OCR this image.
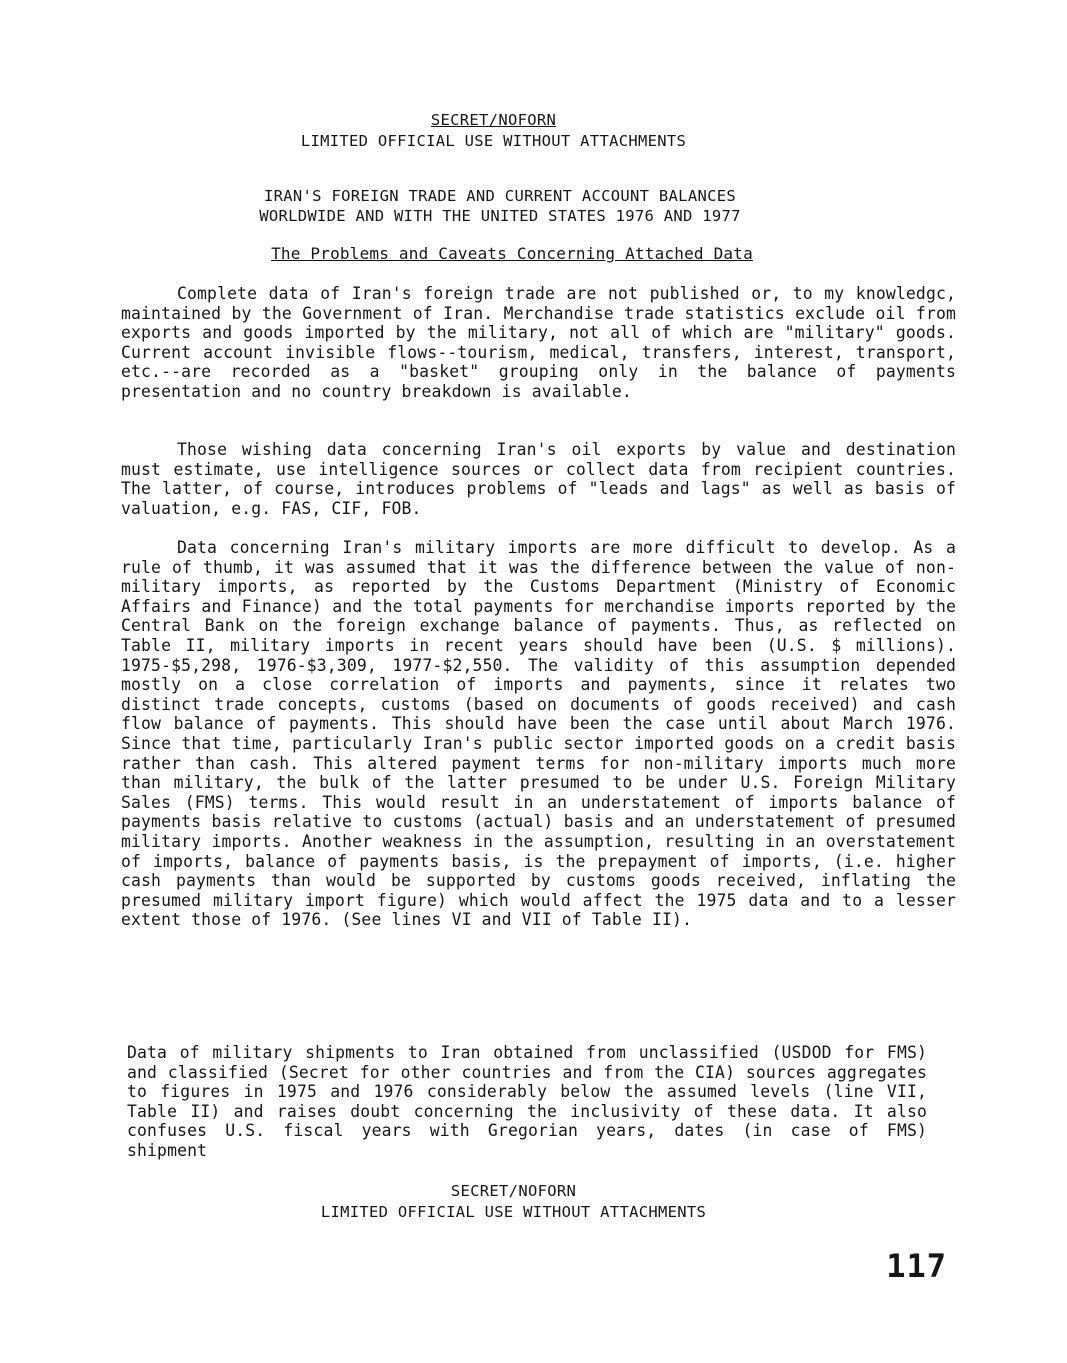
SECRET/NOFORN
LIMITED OFFICIAL USE WITHOUT ATTACHMENTS
IRAN'S FOREIGN TRADE AND CURRENT ACCOUNT BALANCES
WORLDWIDE AND WITH THE UNITED STATES 1976 AND 1977
The Problems and Caveats Concerning Attached Data
Complete data of Iran's foreign trade are not published or, to my knowledgc, maintained by the Government of Iran. Merchandise trade statistics exclude oil from exports and goods imported by the military, not all of which are "military" goods. Current account invisible flows--tourism, medical, transfers, interest, transport, etc.--are recorded as a "basket" grouping only in the balance of payments presentation and no country breakdown is available.
Those wishing data concerning Iran's oil exports by value and destination must estimate, use intelligence sources or collect data from recipient countries. The latter, of course, introduces problems of "leads and lags" as well as basis of valuation, e.g. FAS, CIF, FOB.
Data concerning Iran's military imports are more difficult to develop. As a rule of thumb, it was assumed that it was the difference between the value of non-military imports, as reported by the Customs Department (Ministry of Economic Affairs and Finance) and the total payments for merchandise imports reported by the Central Bank on the foreign exchange balance of payments. Thus, as reflected on Table II, military imports in recent years should have been (U.S. $ millions). 1975-$5,298, 1976-$3,309, 1977-$2,550. The validity of this assumption depended mostly on a close correlation of imports and payments, since it relates two distinct trade concepts, customs (based on documents of goods received) and cash flow balance of payments. This should have been the case until about March 1976. Since that time, particularly Iran's public sector imported goods on a credit basis rather than cash. This altered payment terms for non-military imports much more than military, the bulk of the latter presumed to be under U.S. Foreign Military Sales (FMS) terms. This would result in an understatement of imports balance of payments basis relative to customs (actual) basis and an understatement of presumed military imports. Another weakness in the assumption, resulting in an overstatement of imports, balance of payments basis, is the prepayment of imports, (i.e. higher cash payments than would be supported by customs goods received, inflating the presumed military import figure) which would affect the 1975 data and to a lesser extent those of 1976. (See lines VI and VII of Table II).
Data of military shipments to Iran obtained from unclassified (USDOD for FMS) and classified (Secret for other countries and from the CIA) sources aggregates to figures in 1975 and 1976 considerably below the assumed levels (line VII, Table II) and raises doubt concerning the inclusivity of these data. It also confuses U.S. fiscal years with Gregorian years, dates (in case of FMS) shipment
SECRET/NOFORN
LIMITED OFFICIAL USE WITHOUT ATTACHMENTS
117
